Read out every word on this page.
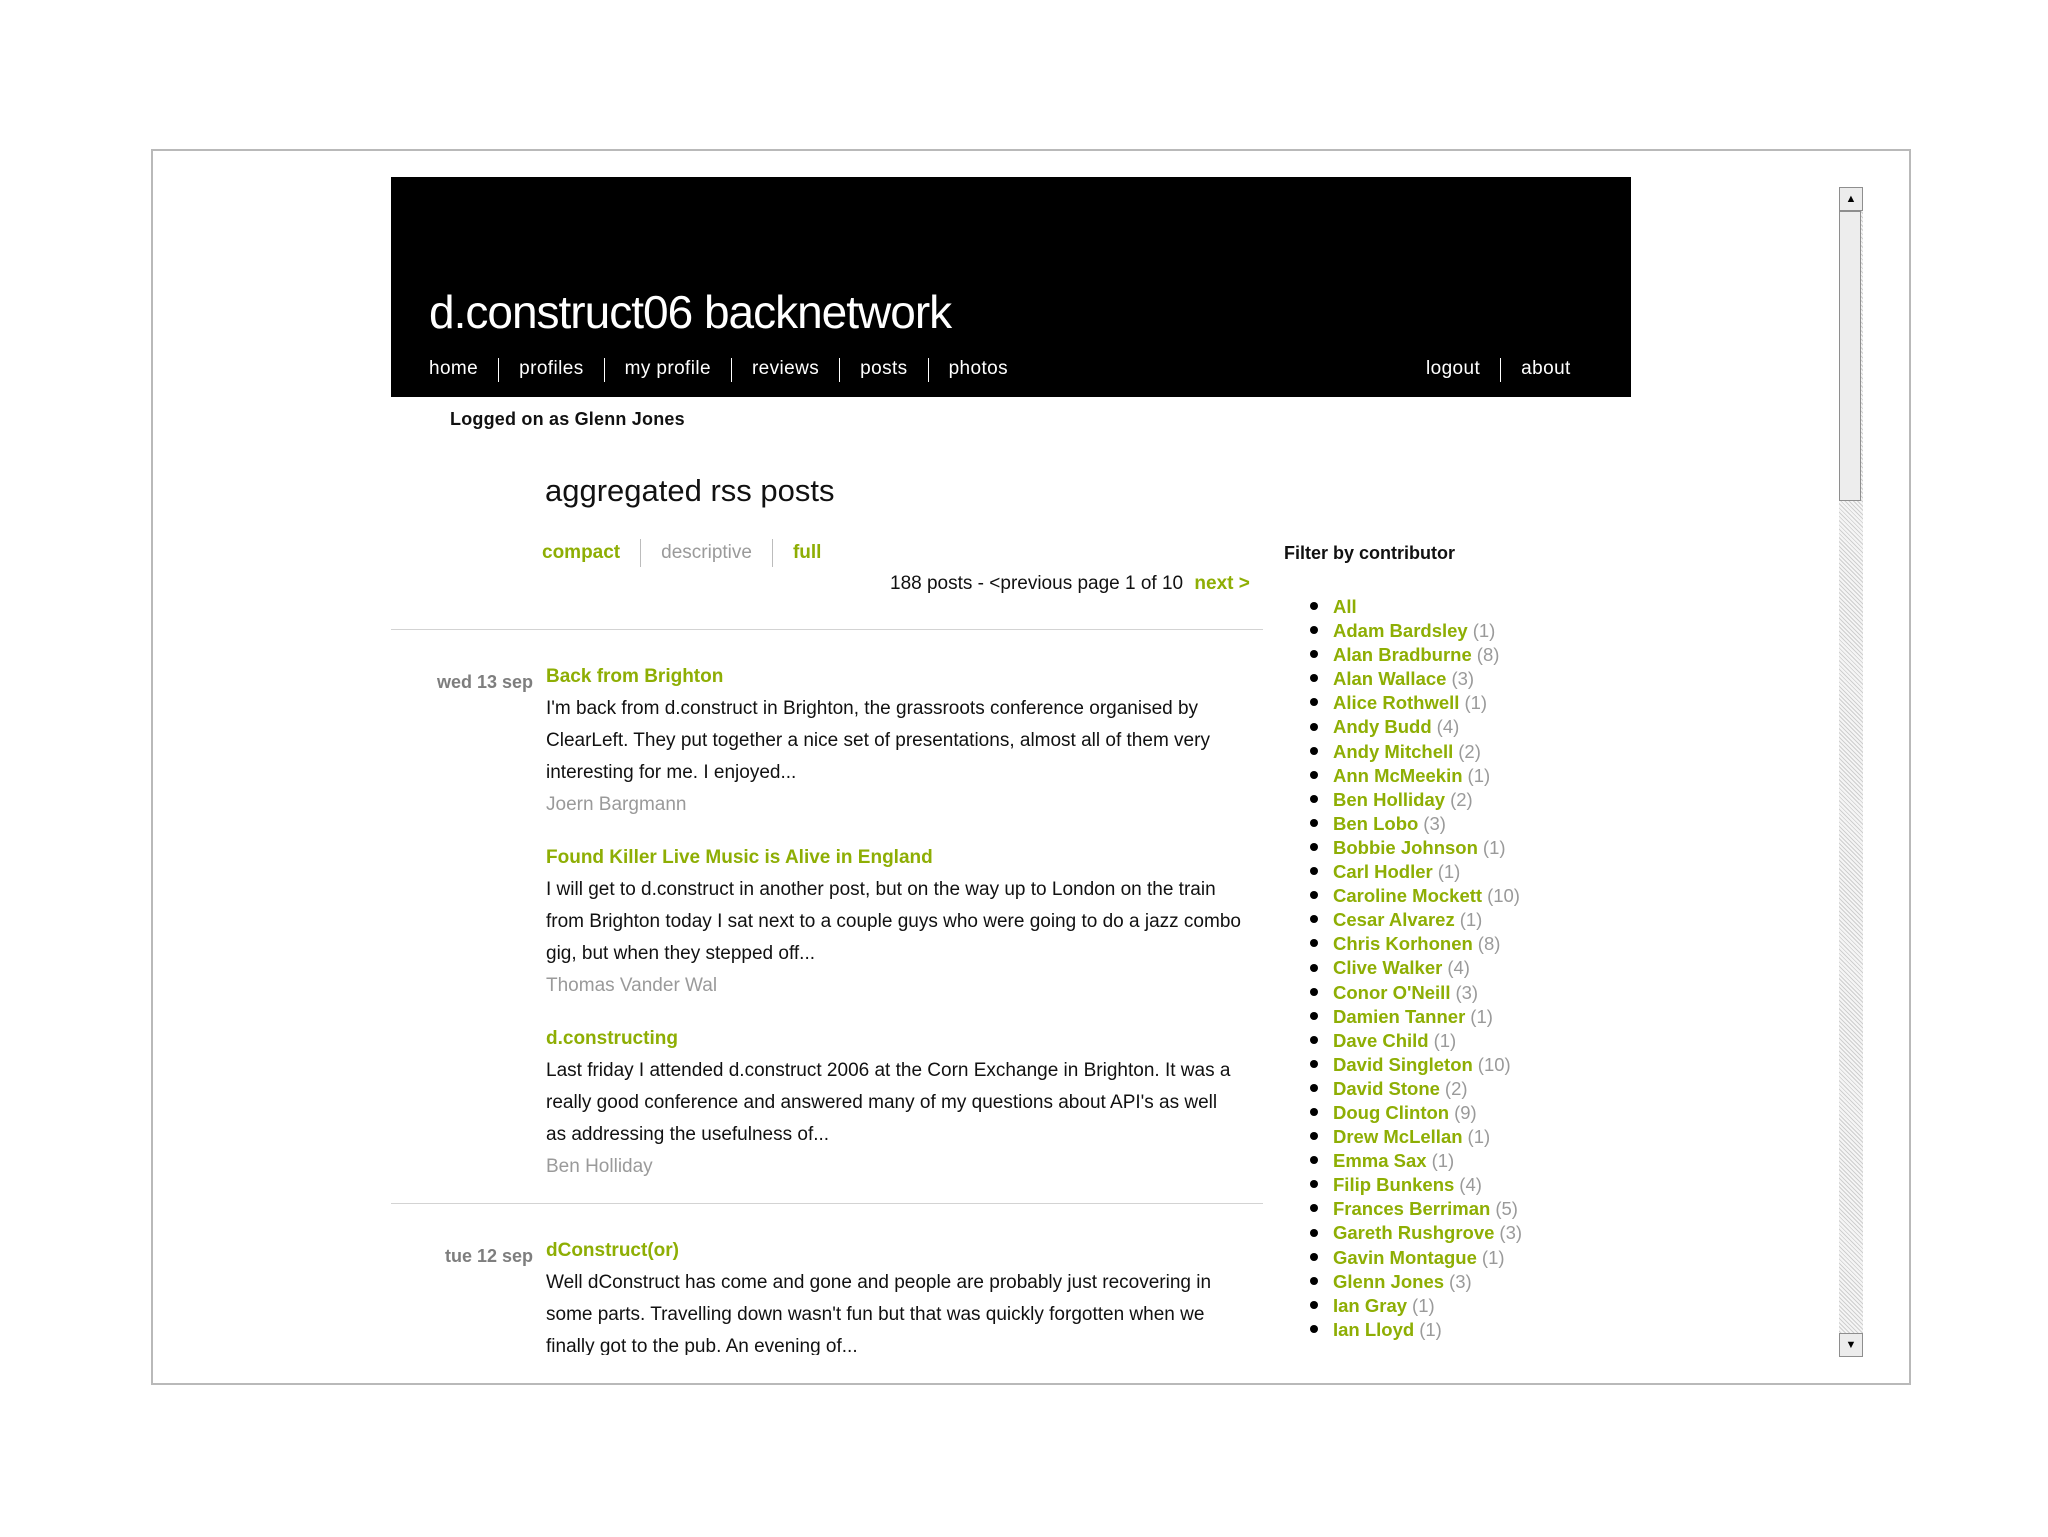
d.construct06 backnetwork
home profiles my profile reviews posts photos	logout about
Logged on as Glenn Jones
aggregated rss posts
compact descriptive full
188 posts - <previous page 1 of 10 next >
wed 13 sep Back from Brighton
I'm back from d.construct in Brighton, the grassroots conference organised by
ClearLeft. They put together a nice set of presentations, almost all of them very
interesting for me. I enjoyed...
Joern Bargmann
Found Killer Live Music is Alive in England
I will get to d.construct in another post, but on the way up to London on the train
from Brighton today I sat next to a couple guys who were going to do a jazz combo
gig, but when they stepped off...
Thomas Vander Wal
d.constructing
Last friday I attended d.construct 2006 at the Corn Exchange in Brighton. It was a
really good conference and answered many of my questions about API's as well
as addressing the usefulness of...
Ben Holliday
tue 12 sep dConstruct(or)
Well dConstruct has come and gone and people are probably just recovering in
some parts. Travelling down wasn't fun but that was quickly forgotten when we
finally got to the pub. An evening of...
Filter by contributor
All
Adam Bardsley (1)
Alan Bradburne (8)
Alan Wallace (3)
Alice Rothwell (1)
Andy Budd (4)
Andy Mitchell (2)
Ann McMeekin (1)
Ben Holliday (2)
Ben Lobo (3)
Bobbie Johnson (1)
Carl Hodler (1)
Caroline Mockett (10)
Cesar Alvarez (1)
Chris Korhonen (8)
Clive Walker (4)
Conor O'Neill (3)
Damien Tanner (1)
Dave Child (1)
David Singleton (10)
David Stone (2)
Doug Clinton (9)
Drew McLellan (1)
Emma Sax (1)
Filip Bunkens (4)
Frances Berriman (5)
Gareth Rushgrove (3)
Gavin Montague (1)
Glenn Jones (3)
Ian Gray (1)
Ian Lloyd (1)
▲
▼
